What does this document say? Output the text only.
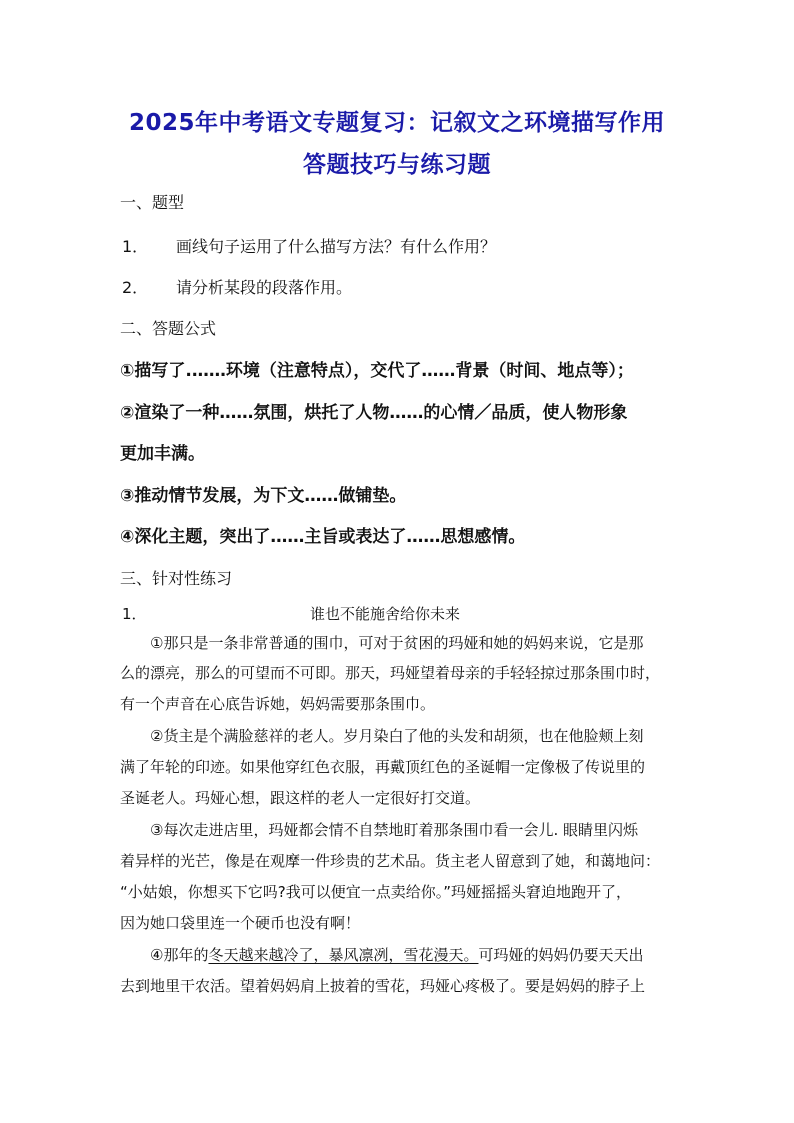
2025年中考语文专题复习：记叙文之环境描写作用
答题技巧与练习题
一、题型
1． 画线句子运用了什么描写方法？有什么作用？
2． 请分析某段的段落作用。
二、答题公式
①描写了.……环境（注意特点），交代了……背景（时间、地点等）；
②渲染了一种……氛围，烘托了人物……的心情／品质，使人物形象
更加丰满。
③推动情节发展，为下文……做铺垫。
④深化主题，突出了……主旨或表达了……思想感情。
三、针对性练习
1．	谁也不能施舍给你未来
①那只是一条非常普通的围巾，可对于贫困的玛娅和她的妈妈来说，它是那
么的漂亮，那么的可望而不可即。那天，玛娅望着母亲的手轻轻掠过那条围巾时，
有一个声音在心底告诉她，妈妈需要那条围巾。
②货主是个满脸慈祥的老人。岁月染白了他的头发和胡须，也在他脸颊上刻
满了年轮的印迹。如果他穿红色衣服，再戴顶红色的圣诞帽一定像极了传说里的
圣诞老人。玛娅心想，跟这样的老人一定很好打交道。
③每次走进店里，玛娅都会情不自禁地盯着那条围巾看一会儿. 眼睛里闪烁
着异样的光芒，像是在观摩一件珍贵的艺术品。货主老人留意到了她，和蔼地问：
“小姑娘，你想买下它吗?我可以便宜一点卖给你。”玛娅摇摇头窘迫地跑开了，
因为她口袋里连一个硬币也没有啊！
④那年的冬天越来越冷了，暴风凛冽，雪花漫天。可玛娅的妈妈仍要天天出
去到地里干农活。望着妈妈肩上披着的雪花，玛娅心疼极了。要是妈妈的脖子上
